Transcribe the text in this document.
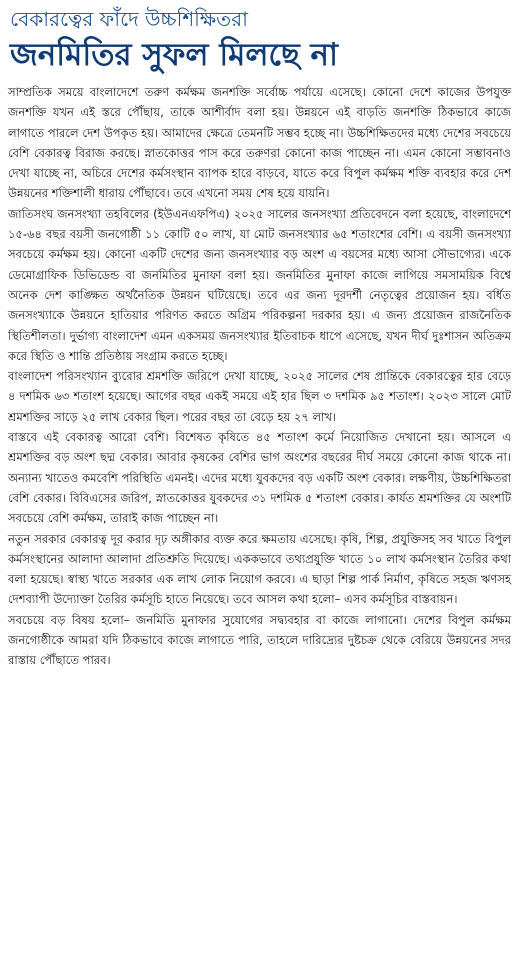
বেকারত্বের ফাঁদে উচ্চশিক্ষিতরা
জনমিতির সুফল মিলছে না

সাম্প্রতিক সময়ে বাংলাদেশে তরুণ কর্মক্ষম জনশক্তি সর্বোচ্চ পর্যায়ে এসেছে। কোনো দেশে কাজের উপযুক্ত জনশক্তি যখন এই স্তরে পৌঁছায়, তাকে আশীর্বাদ বলা হয়। উন্নয়নে এই বাড়তি জনশক্তি ঠিকভাবে কাজে লাগাতে পারলে দেশ উপকৃত হয়। আমাদের ক্ষেত্রে তেমনটি সম্ভব হচ্ছে না। উচ্চশিক্ষিতদের মধ্যে দেশের সবচেয়ে বেশি বেকারত্ব বিরাজ করছে। স্নাতকোত্তর পাস করে তরুণরা কোনো কাজ পাচ্ছেন না। এমন কোনো সম্ভাবনাও দেখা যাচ্ছে না, অচিরে দেশের কর্মসংস্থান ব্যাপক হারে বাড়বে, যাতে করে বিপুল কর্মক্ষম শক্তি ব্যবহার করে দেশ উন্নয়নের শক্তিশালী ধারায় পৌঁছাবে। তবে এখনো সময় শেষ হয়ে যায়নি।

জাতিসংঘ জনসংখ্যা তহবিলের (ইউএনএফপিএ) ২০২৫ সালের জনসংখ্যা প্রতিবেদনে বলা হয়েছে, বাংলাদেশে ১৫-৬৪ বছর বয়সী জনগোষ্ঠী ১১ কোটি ৫০ লাখ, যা মোট জনসংখ্যার ৬৫ শতাংশের বেশি। এ বয়সী জনসংখ্যা সবচেয়ে কর্মক্ষম হয়। কোনো একটি দেশের জন্য জনসংখ্যার বড় অংশ এ বয়সের মধ্যে আসা সৌভাগ্যের। একে ডেমোগ্রাফিক ডিভিডেন্ড বা জনমিতির মুনাফা বলা হয়। জনমিতির মুনাফা কাজে লাগিয়ে সমসাময়িক বিশ্বে অনেক দেশ কাঙ্ক্ষিত অর্থনৈতিক উন্নয়ন ঘটিয়েছে। তবে এর জন্য দূরদর্শী নেতৃত্বের প্রয়োজন হয়। বর্ধিত জনসংখ্যাকে উন্নয়নে হাতিয়ার পরিণত করতে অগ্রিম পরিকল্পনা দরকার হয়। এ জন্য প্রয়োজন রাজনৈতিক স্থিতিশীলতা। দুর্ভাগ্য বাংলাদেশ এমন একসময় জনসংখ্যার ইতিবাচক ধাপে এসেছে, যখন দীর্ঘ দুঃশাসন অতিক্রম করে স্থিতি ও শান্তি প্রতিষ্ঠায় সংগ্রাম করতে হচ্ছে।

বাংলাদেশ পরিসংখ্যান ব্যুরোর শ্রমশক্তি জরিপে দেখা যাচ্ছে, ২০২৫ সালের শেষ প্রান্তিকে বেকারত্বের হার বেড়ে ৪ দশমিক ৬৩ শতাংশ হয়েছে। আগের বছর একই সময়ে এই হার ছিল ৩ দশমিক ৯৫ শতাংশ। ২০২৩ সালে মোট শ্রমশক্তির সাড়ে ২৫ লাখ বেকার ছিল। পরের বছর তা বেড়ে হয় ২৭ লাখ।

বাস্তবে এই বেকারত্ব আরো বেশি। বিশেষত কৃষিতে ৪৫ শতাংশ কর্মে নিয়োজিত দেখানো হয়। আসলে এ শ্রমশক্তির বড় অংশ ছদ্ম বেকার। আবার কৃষকের বেশির ভাগ অংশের বছরের দীর্ঘ সময়ে কোনো কাজ থাকে না। অন্যান্য খাতেও কমবেশি পরিস্থিতি এমনই। এদের মধ্যে যুবকদের বড় একটি অংশ বেকার। লক্ষণীয়, উচ্চশিক্ষিতরা বেশি বেকার। বিবিএসের জরিপ, স্নাতকোত্তর যুবকদের ৩১ দশমিক ৫ শতাংশ বেকার। কার্যত শ্রমশক্তির যে অংশটি সবচেয়ে বেশি কর্মক্ষম, তারাই কাজ পাচ্ছেন না।

নতুন সরকার বেকারত্ব দূর করার দৃঢ় অঙ্গীকার ব্যক্ত করে ক্ষমতায় এসেছে। কৃষি, শিল্প, প্রযুক্তিসহ সব খাতে বিপুল কর্মসংস্থানের আলাদা আলাদা প্রতিশ্রুতি দিয়েছে। এককভাবে তথ্যপ্রযুক্তি খাতে ১০ লাখ কর্মসংস্থান তৈরির কথা বলা হয়েছে। স্বাস্থ্য খাতে সরকার এক লাখ লোক নিয়োগ করবে। এ ছাড়া শিল্প পার্ক নির্মাণ, কৃষিতে সহজ ঋণসহ দেশব্যাপী উদ্যোক্তা তৈরির কর্মসূচি হাতে নিয়েছে। তবে আসল কথা হলো– এসব কর্মসূচির বাস্তবায়ন।

সবচেয়ে বড় বিষয় হলো– জনমিতি মুনাফার সুযোগের সদ্ব্যবহার বা কাজে লাগানো। দেশের বিপুল কর্মক্ষম জনগোষ্ঠীকে আমরা যদি ঠিকভাবে কাজে লাগাতে পারি, তাহলে দারিদ্র্যের দুষ্টচক্র থেকে বেরিয়ে উন্নয়নের সদর রাস্তায় পৌঁছাতে পারব।
